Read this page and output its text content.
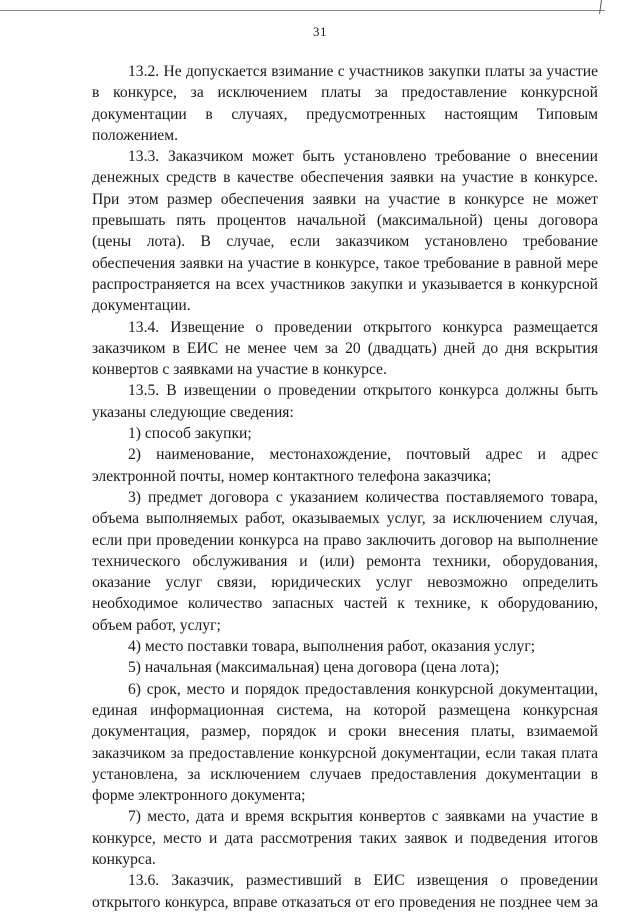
31

13.2. Не допускается взимание с участников закупки платы за участие в конкурсе, за исключением платы за предоставление конкурсной документации в случаях, предусмотренных настоящим Типовым положением.

13.3. Заказчиком может быть установлено требование о внесении денежных средств в качестве обеспечения заявки на участие в конкурсе. При этом размер обеспечения заявки на участие в конкурсе не может превышать пять процентов начальной (максимальной) цены договора (цены лота). В случае, если заказчиком установлено требование обеспечения заявки на участие в конкурсе, такое требование в равной мере распространяется на всех участников закупки и указывается в конкурсной документации.

13.4. Извещение о проведении открытого конкурса размещается заказчиком в ЕИС не менее чем за 20 (двадцать) дней до дня вскрытия конвертов с заявками на участие в конкурсе.

13.5. В извещении о проведении открытого конкурса должны быть указаны следующие сведения:

1) способ закупки;

2) наименование, местонахождение, почтовый адрес и адрес электронной почты, номер контактного телефона заказчика;

3) предмет договора с указанием количества поставляемого товара, объема выполняемых работ, оказываемых услуг, за исключением случая, если при проведении конкурса на право заключить договор на выполнение технического обслуживания и (или) ремонта техники, оборудования, оказание услуг связи, юридических услуг невозможно определить необходимое количество запасных частей к технике, к оборудованию, объем работ, услуг;

4) место поставки товара, выполнения работ, оказания услуг;

5) начальная (максимальная) цена договора (цена лота);

6) срок, место и порядок предоставления конкурсной документации, единая информационная система, на которой размещена конкурсная документация, размер, порядок и сроки внесения платы, взимаемой заказчиком за предоставление конкурсной документации, если такая плата установлена, за исключением случаев предоставления документации в форме электронного документа;

7) место, дата и время вскрытия конвертов с заявками на участие в конкурсе, место и дата рассмотрения таких заявок и подведения итогов конкурса.

13.6. Заказчик, разместивший в ЕИС извещения о проведении открытого конкурса, вправе отказаться от его проведения не позднее чем за
